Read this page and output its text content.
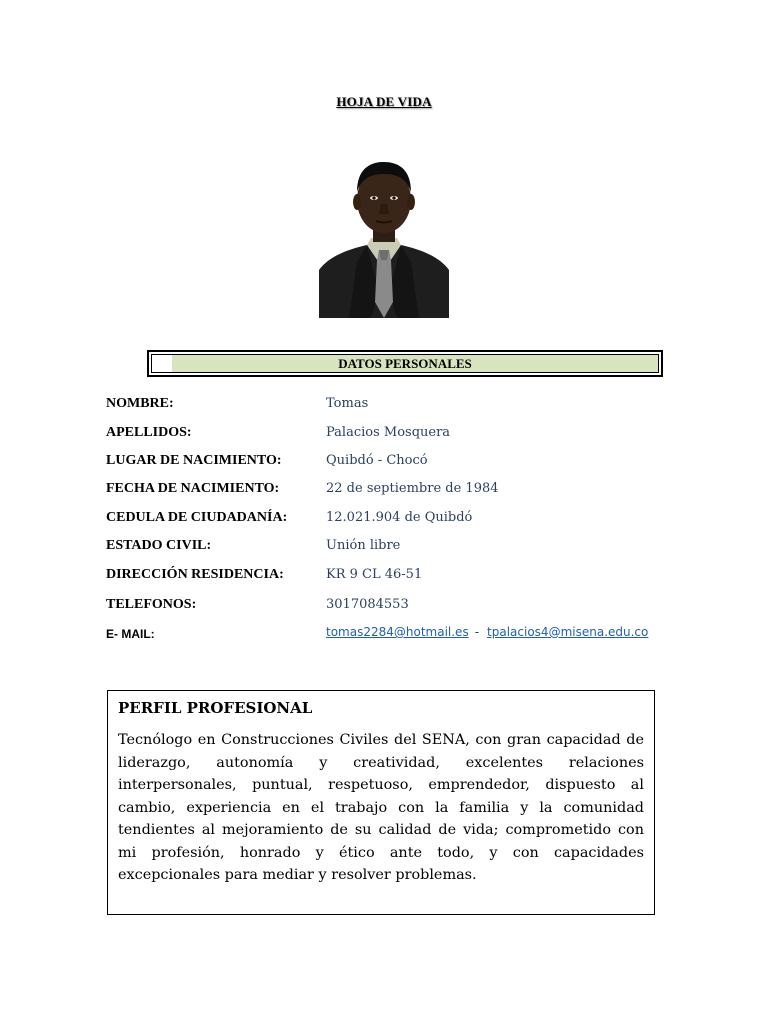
HOJA DE VIDA
DATOS PERSONALES
NOMBRE:	Tomas
APELLIDOS:	Palacios Mosquera
LUGAR DE NACIMIENTO:	Quibdó - Chocó
FECHA DE NACIMIENTO:	22 de septiembre de 1984
CEDULA DE CIUDADANÍA:	12.021.904 de Quibdó
ESTADO CIVIL:	Unión libre
DIRECCIÓN RESIDENCIA:	KR 9 CL 46-51
TELEFONOS:	3017084553
E- MAIL:	tomas2284@hotmail.es - tpalacios4@misena.edu.co
PERFIL PROFESIONAL

Tecnólogo en Construcciones Civiles del SENA, con gran capacidad de liderazgo, autonomía y creatividad, excelentes relaciones interpersonales, puntual, respetuoso, emprendedor, dispuesto al cambio, experiencia en el trabajo con la familia y la comunidad tendientes al mejoramiento de su calidad de vida; comprometido con mi profesión, honrado y ético ante todo, y con capacidades excepcionales para mediar y resolver problemas.
